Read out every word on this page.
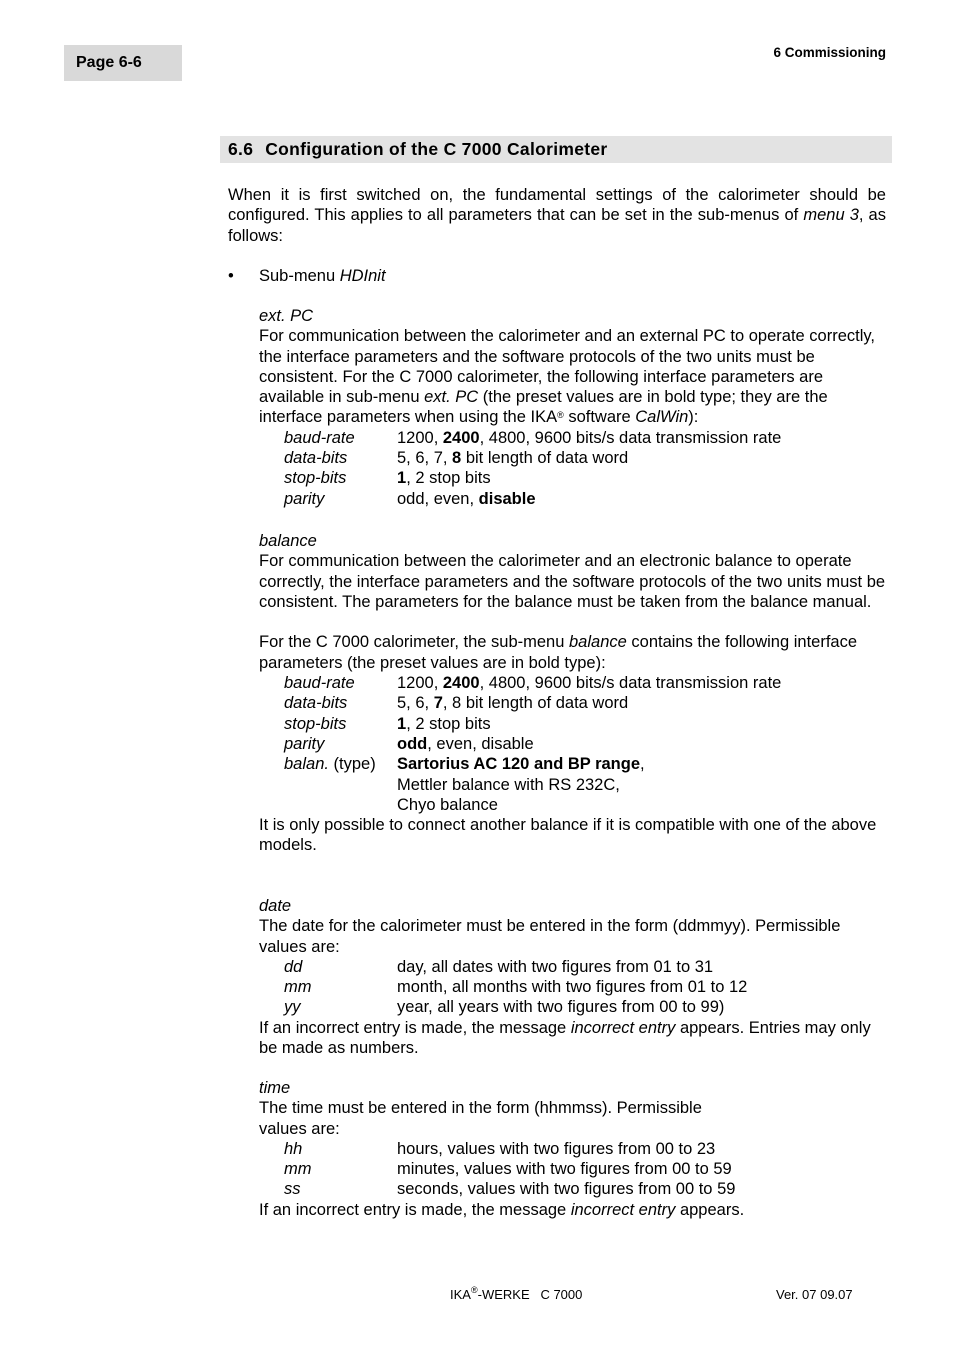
Page 6-6
6 Commissioning
6.6 Configuration of the C 7000 Calorimeter

When it is first switched on, the fundamental settings of the calorimeter should be configured. This applies to all parameters that can be set in the sub-menus of menu 3, as follows:

• Sub-menu HDInit

ext. PC

For communication between the calorimeter and an external PC to operate correctly, the interface parameters and the software protocols of the two units must be consistent. For the C 7000 calorimeter, the following interface parameters are available in sub-menu ext. PC (the preset values are in bold type; they are the interface parameters when using the IKA® software CalWin):

baud-rate	1200, 2400, 4800, 9600 bits/s data transmission rate
data-bits	5, 6, 7, 8 bit length of data word
stop-bits	1, 2 stop bits
parity	odd, even, disable

balance

For communication between the calorimeter and an electronic balance to operate correctly, the interface parameters and the software protocols of the two units must be consistent. The parameters for the balance must be taken from the balance manual.

For the C 7000 calorimeter, the sub-menu balance contains the following interface parameters (the preset values are in bold type):

baud-rate	1200, 2400, 4800, 9600 bits/s data transmission rate
data-bits	5, 6, 7, 8 bit length of data word
stop-bits	1, 2 stop bits
parity	odd, even, disable
balan. (type)	Sartorius AC 120 and BP range,
Mettler balance with RS 232C,
Chyo balance

It is only possible to connect another balance if it is compatible with one of the above models.

date

The date for the calorimeter must be entered in the form (ddmmyy). Permissible values are:

dd	day, all dates with two figures from 01 to 31
mm	month, all months with two figures from 01 to 12
yy	year, all years with two figures from 00 to 99)

If an incorrect entry is made, the message incorrect entry appears. Entries may only be made as numbers.

time

The time must be entered in the form (hhmmss). Permissible

values are:

hh	hours, values with two figures from 00 to 23
mm	minutes, values with two figures from 00 to 59
ss	seconds, values with two figures from 00 to 59

If an incorrect entry is made, the message incorrect entry appears.

IKA®-WERKE   C 7000	Ver. 07 09.07
